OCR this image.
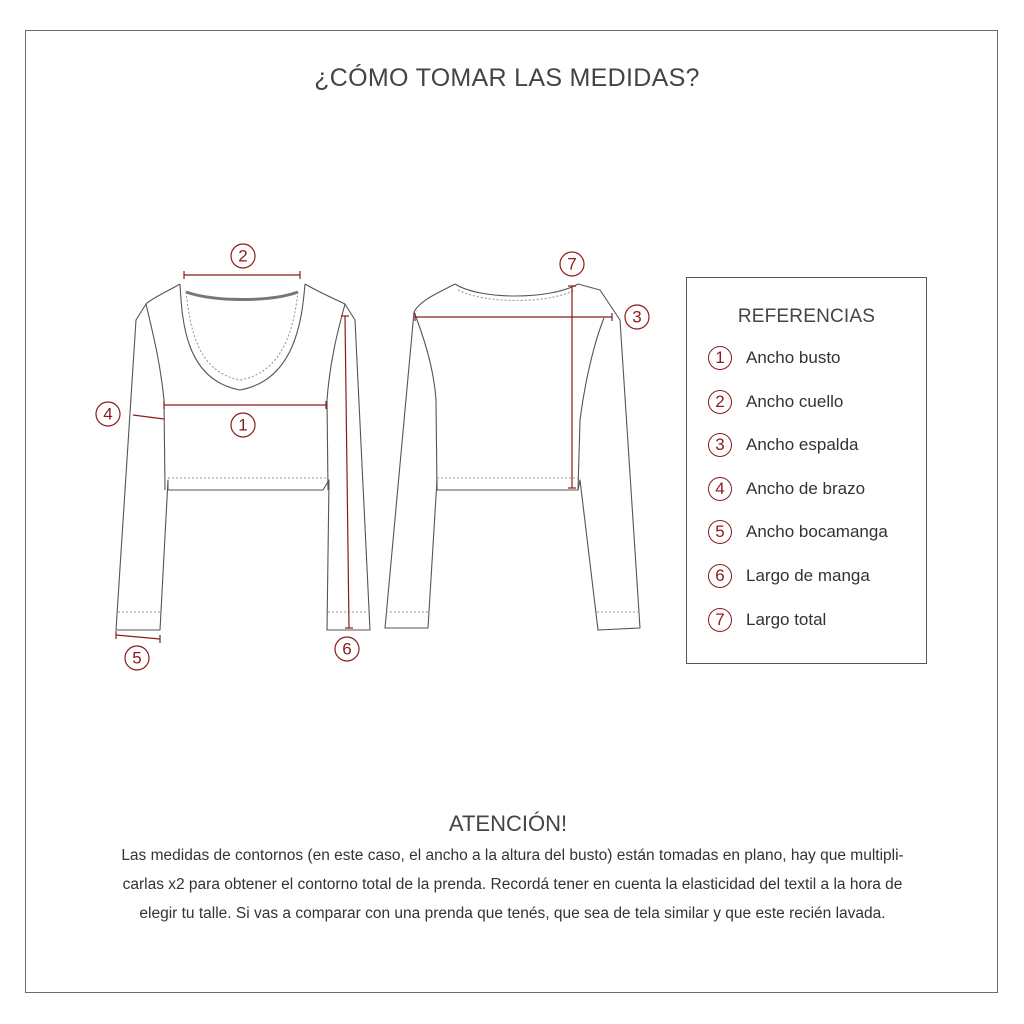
¿CÓMO TOMAR LAS MEDIDAS?
2
1
4
5	6
7
3	REFERENCIAS
1	Ancho busto
2	Ancho cuello
3	Ancho espalda
4	Ancho de brazo
5	Ancho bocamanga
6	Largo de manga
7	Largo total
ATENCIÓN!
Las medidas de contornos (en este caso, el ancho a la altura del busto) están tomadas en plano, hay que multipli-
carlas x2 para obtener el contorno total de la prenda. Recordá tener en cuenta la elasticidad del textil a la hora de
elegir tu talle. Si vas a comparar con una prenda que tenés, que sea de tela similar y que este recién lavada.
